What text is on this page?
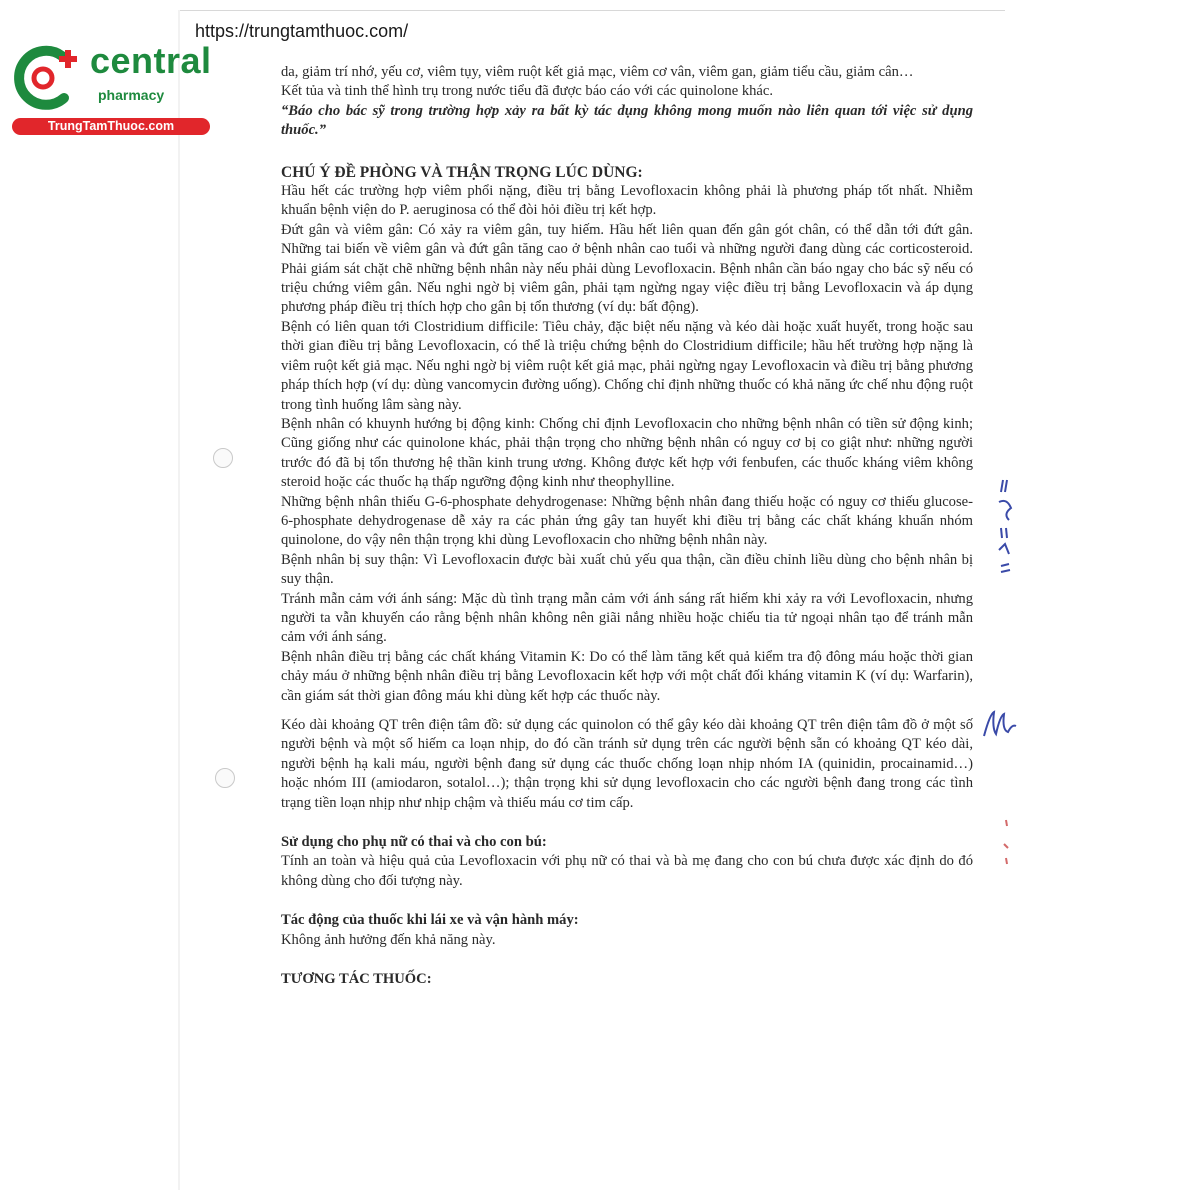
https://trungtamthuoc.com/
central
pharmacy
TrungTamThuoc.com

da, giảm trí nhớ, yếu cơ, viêm tụy, viêm ruột kết giả mạc, viêm cơ vân, viêm gan, giảm tiểu cầu, giảm cân…

Kết tủa và tinh thể hình trụ trong nước tiểu đã được báo cáo với các quinolone khác.

“Báo cho bác sỹ trong trường hợp xảy ra bất kỳ tác dụng không mong muốn nào liên quan tới việc sử dụng thuốc.”

CHÚ Ý ĐỀ PHÒNG VÀ THẬN TRỌNG LÚC DÙNG:

Hầu hết các trường hợp viêm phổi nặng, điều trị bằng Levofloxacin không phải là phương pháp tốt nhất. Nhiễm khuẩn bệnh viện do P. aeruginosa có thể đòi hỏi điều trị kết hợp.

Đứt gân và viêm gân: Có xảy ra viêm gân, tuy hiếm. Hầu hết liên quan đến gân gót chân, có thể dẫn tới đứt gân. Những tai biến về viêm gân và đứt gân tăng cao ở bệnh nhân cao tuổi và những người đang dùng các corticosteroid. Phải giám sát chặt chẽ những bệnh nhân này nếu phải dùng Levofloxacin. Bệnh nhân cần báo ngay cho bác sỹ nếu có triệu chứng viêm gân. Nếu nghi ngờ bị viêm gân, phải tạm ngừng ngay việc điều trị bằng Levofloxacin và áp dụng phương pháp điều trị thích hợp cho gân bị tổn thương (ví dụ: bất động).

Bệnh có liên quan tới Clostridium difficile: Tiêu chảy, đặc biệt nếu nặng và kéo dài hoặc xuất huyết, trong hoặc sau thời gian điều trị bằng Levofloxacin, có thể là triệu chứng bệnh do Clostridium difficile; hầu hết trường hợp nặng là viêm ruột kết giả mạc. Nếu nghi ngờ bị viêm ruột kết giả mạc, phải ngừng ngay Levofloxacin và điều trị bằng phương pháp thích hợp (ví dụ: dùng vancomycin đường uống). Chống chỉ định những thuốc có khả năng ức chế nhu động ruột trong tình huống lâm sàng này.

Bệnh nhân có khuynh hướng bị động kinh: Chống chỉ định Levofloxacin cho những bệnh nhân có tiền sử động kinh; Cũng giống như các quinolone khác, phải thận trọng cho những bệnh nhân có nguy cơ bị co giật như: những người trước đó đã bị tổn thương hệ thần kinh trung ương. Không được kết hợp với fenbufen, các thuốc kháng viêm không steroid hoặc các thuốc hạ thấp ngưỡng động kinh như theophylline.

Những bệnh nhân thiếu G-6-phosphate dehydrogenase: Những bệnh nhân đang thiếu hoặc có nguy cơ thiếu glucose-6-phosphate dehydrogenase dễ xảy ra các phản ứng gây tan huyết khi điều trị bằng các chất kháng khuẩn nhóm quinolone, do vậy nên thận trọng khi dùng Levofloxacin cho những bệnh nhân này.

Bệnh nhân bị suy thận: Vì Levofloxacin được bài xuất chủ yếu qua thận, cần điều chỉnh liều dùng cho bệnh nhân bị suy thận.

Tránh mẫn cảm với ánh sáng: Mặc dù tình trạng mẫn cảm với ánh sáng rất hiếm khi xảy ra với Levofloxacin, nhưng người ta vẫn khuyến cáo rằng bệnh nhân không nên giãi nắng nhiều hoặc chiếu tia tử ngoại nhân tạo để tránh mẫn cảm với ánh sáng.

Bệnh nhân điều trị bằng các chất kháng Vitamin K: Do có thể làm tăng kết quả kiểm tra độ đông máu hoặc thời gian chảy máu ở những bệnh nhân điều trị bằng Levofloxacin kết hợp với một chất đối kháng vitamin K (ví dụ: Warfarin), cần giám sát thời gian đông máu khi dùng kết hợp các thuốc này.

Kéo dài khoảng QT trên điện tâm đồ: sử dụng các quinolon có thể gây kéo dài khoảng QT trên điện tâm đồ ở một số người bệnh và một số hiếm ca loạn nhịp, do đó cần tránh sử dụng trên các người bệnh sẵn có khoảng QT kéo dài, người bệnh hạ kali máu, người bệnh đang sử dụng các thuốc chống loạn nhịp nhóm IA (quinidin, procainamid…) hoặc nhóm III (amiodaron, sotalol…); thận trọng khi sử dụng levofloxacin cho các người bệnh đang trong các tình trạng tiền loạn nhịp như nhịp chậm và thiếu máu cơ tim cấp.

Sử dụng cho phụ nữ có thai và cho con bú:

Tính an toàn và hiệu quả của Levofloxacin với phụ nữ có thai và bà mẹ đang cho con bú chưa được xác định do đó không dùng cho đối tượng này.

Tác động của thuốc khi lái xe và vận hành máy:

Không ảnh hưởng đến khả năng này.

TƯƠNG TÁC THUỐC:
